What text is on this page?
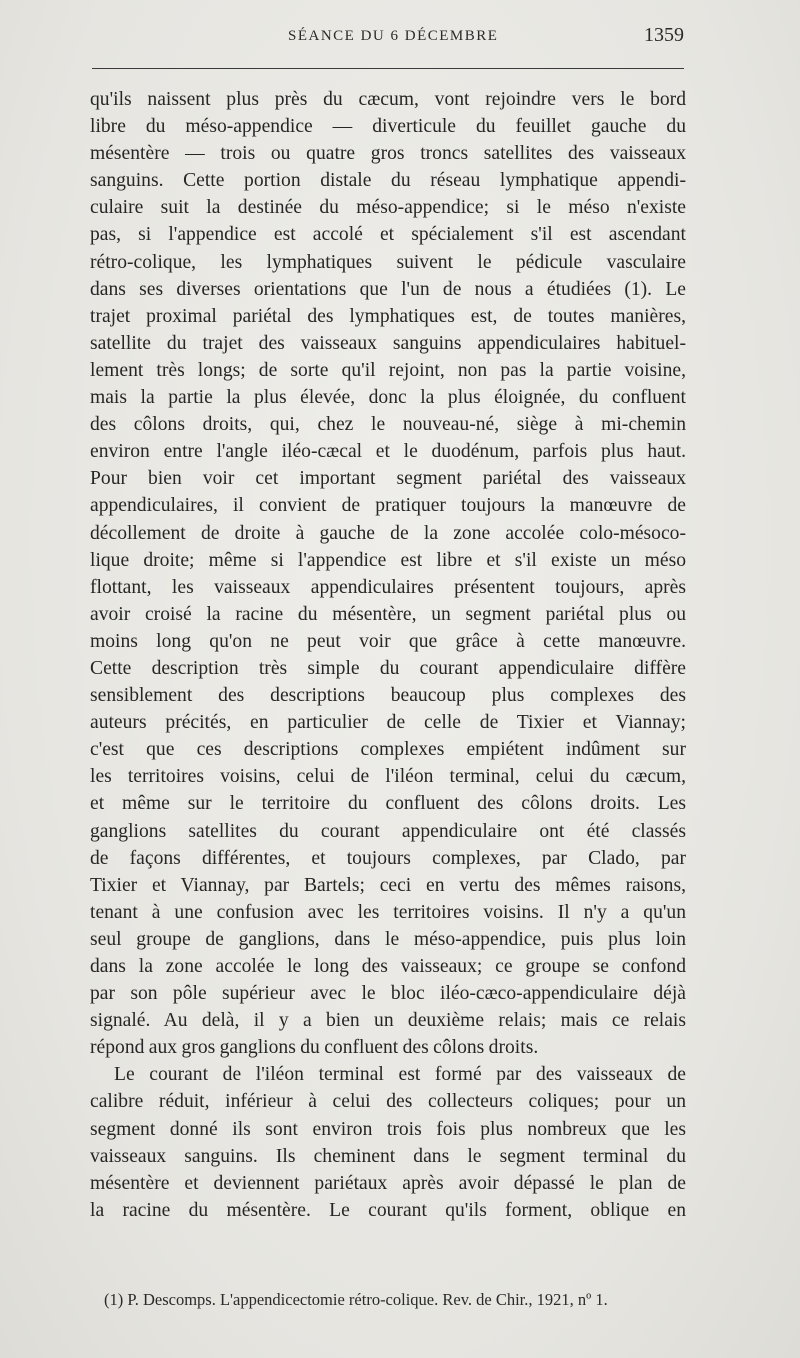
SÉANCE DU 6 DÉCEMBRE	1359
qu'ils naissent plus près du cæcum, vont rejoindre vers le bord
libre du méso-appendice — diverticule du feuillet gauche du
mésentère — trois ou quatre gros troncs satellites des vaisseaux
sanguins. Cette portion distale du réseau lymphatique appendi-
culaire suit la destinée du méso-appendice; si le méso n'existe
pas, si l'appendice est accolé et spécialement s'il est ascendant
rétro-colique, les lymphatiques suivent le pédicule vasculaire
dans ses diverses orientations que l'un de nous a étudiées (1). Le
trajet proximal pariétal des lymphatiques est, de toutes manières,
satellite du trajet des vaisseaux sanguins appendiculaires habituel-
lement très longs; de sorte qu'il rejoint, non pas la partie voisine,
mais la partie la plus élevée, donc la plus éloignée, du confluent
des côlons droits, qui, chez le nouveau-né, siège à mi-chemin
environ entre l'angle iléo-cæcal et le duodénum, parfois plus haut.
Pour bien voir cet important segment pariétal des vaisseaux
appendiculaires, il convient de pratiquer toujours la manœuvre de
décollement de droite à gauche de la zone accolée colo-mésoco-
lique droite; même si l'appendice est libre et s'il existe un méso
flottant, les vaisseaux appendiculaires présentent toujours, après
avoir croisé la racine du mésentère, un segment pariétal plus ou
moins long qu'on ne peut voir que grâce à cette manœuvre.
Cette description très simple du courant appendiculaire diffère
sensiblement des descriptions beaucoup plus complexes des
auteurs précités, en particulier de celle de Tixier et Viannay;
c'est que ces descriptions complexes empiétent indûment sur
les territoires voisins, celui de l'iléon terminal, celui du cæcum,
et même sur le territoire du confluent des côlons droits. Les
ganglions satellites du courant appendiculaire ont été classés
de façons différentes, et toujours complexes, par Clado, par
Tixier et Viannay, par Bartels; ceci en vertu des mêmes raisons,
tenant à une confusion avec les territoires voisins. Il n'y a qu'un
seul groupe de ganglions, dans le méso-appendice, puis plus loin
dans la zone accolée le long des vaisseaux; ce groupe se confond
par son pôle supérieur avec le bloc iléo-cæco-appendiculaire déjà
signalé. Au delà, il y a bien un deuxième relais; mais ce relais
répond aux gros ganglions du confluent des côlons droits.
Le courant de l'iléon terminal est formé par des vaisseaux de
calibre réduit, inférieur à celui des collecteurs coliques; pour un
segment donné ils sont environ trois fois plus nombreux que les
vaisseaux sanguins. Ils cheminent dans le segment terminal du
mésentère et deviennent pariétaux après avoir dépassé le plan de
la racine du mésentère. Le courant qu'ils forment, oblique en
(1) P. Descomps. L'appendicectomie rétro-colique. Rev. de Chir., 1921, nº 1.
